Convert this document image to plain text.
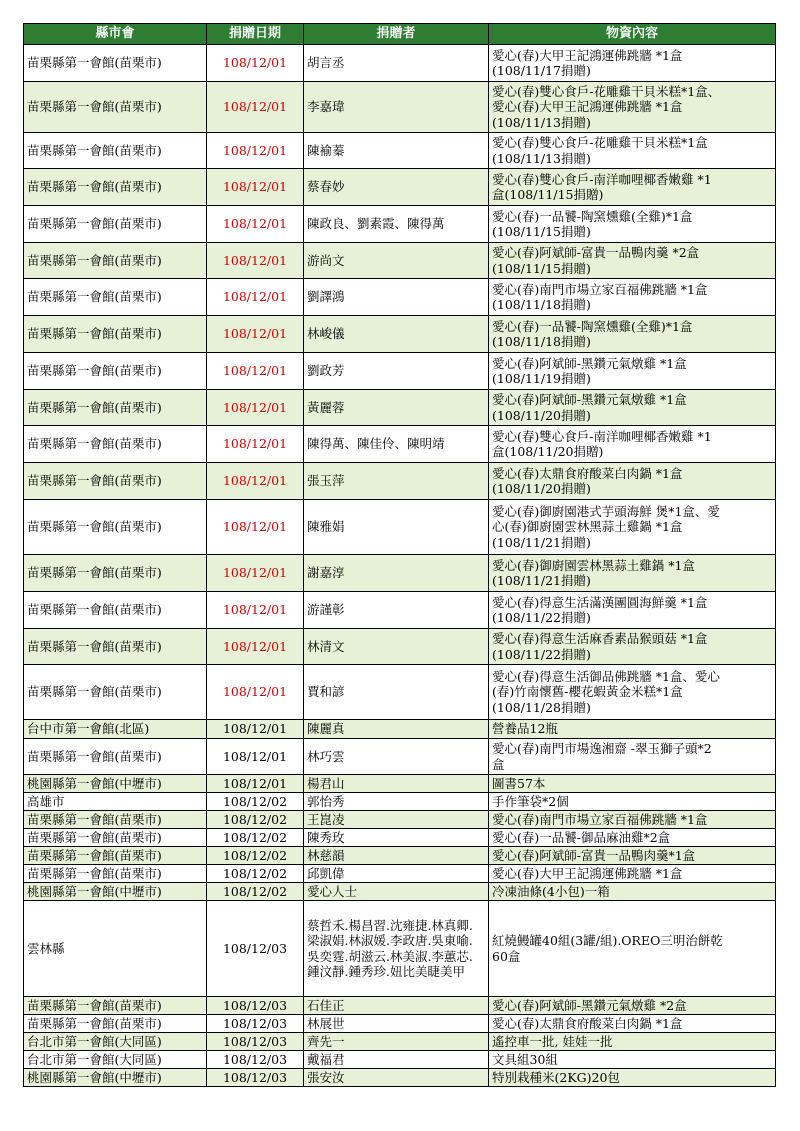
縣市會	捐贈日期	捐贈者	物資內容
苗栗縣第一會館(苗栗市)	108/12/01	胡言丞	愛心(春)大甲王記鴻運佛跳牆 *1盒
(108/11/17捐贈)

苗栗縣第一會館(苗栗市)	108/12/01	李嘉瑋	愛心(春)雙心食戶-花雕雞干貝米糕*1盒、
愛心(春)大甲王記鴻運佛跳牆 *1盒
(108/11/13捐贈)

苗栗縣第一會館(苗栗市)	108/12/01	陳褕蓁	愛心(春)雙心食戶-花雕雞干貝米糕*1盒
(108/11/13捐贈)

苗栗縣第一會館(苗栗市)	108/12/01	蔡春妙	愛心(春)雙心食戶-南洋咖哩椰香嫩雞 *1
盒(108/11/15捐贈)

苗栗縣第一會館(苗栗市)	108/12/01	陳政良、劉素霞、陳得萬	愛心(春)一品饕-陶窯燻雞(全雞)*1盒
(108/11/15捐贈)

苗栗縣第一會館(苗栗市)	108/12/01	游尚文	愛心(春)阿斌師-富貴一品鴨肉羹 *2盒
(108/11/15捐贈)

苗栗縣第一會館(苗栗市)	108/12/01	劉譯鴻	愛心(春)南門市場立家百福佛跳牆 *1盒
(108/11/18捐贈)

苗栗縣第一會館(苗栗市)	108/12/01	林峻儀	愛心(春)一品饕-陶窯燻雞(全雞)*1盒
(108/11/18捐贈)

苗栗縣第一會館(苗栗市)	108/12/01	劉政芳	愛心(春)阿斌師-黑鑽元氣燉雞 *1盒
(108/11/19捐贈)

苗栗縣第一會館(苗栗市)	108/12/01	黃麗蓉	愛心(春)阿斌師-黑鑽元氣燉雞 *1盒
(108/11/20捐贈)

苗栗縣第一會館(苗栗市)	108/12/01	陳得萬、陳佳伶、陳明靖	愛心(春)雙心食戶-南洋咖哩椰香嫩雞 *1
盒(108/11/20捐贈)

苗栗縣第一會館(苗栗市)	108/12/01	張玉萍	愛心(春)太鼎食府酸菜白肉鍋 *1盒
(108/11/20捐贈)

苗栗縣第一會館(苗栗市)	108/12/01	陳雅娟	愛心(春)御廚園港式芋頭海鮮 煲*1盒、愛
心(春)御廚園雲林黑蒜土雞鍋 *1盒
(108/11/21捐贈)

苗栗縣第一會館(苗栗市)	108/12/01	謝嘉淳	愛心(春)御廚園雲林黑蒜土雞鍋 *1盒
(108/11/21捐贈)

苗栗縣第一會館(苗栗市)	108/12/01	游謹彰	愛心(春)得意生活滿漢團圓海鮮羹 *1盒
(108/11/22捐贈)

苗栗縣第一會館(苗栗市)	108/12/01	林清文	愛心(春)得意生活麻香素品猴頭菇 *1盒
(108/11/22捐贈)

苗栗縣第一會館(苗栗市)	108/12/01	賈和諺	愛心(春)得意生活御品佛跳牆 *1盒、愛心
(春)竹南懷舊-櫻花蝦黃金米糕*1盒
(108/11/28捐贈)

台中市第一會館(北區)	108/12/01	陳麗真	營養品12瓶

苗栗縣第一會館(苗栗市)	108/12/01	林巧雲	愛心(春)南門市場逸湘齋 -翠玉獅子頭*2
盒

桃園縣第一會館(中壢市)	108/12/01	楊君山	圖書57本

高雄市	108/12/02	郭怡秀	手作筆袋*2個

苗栗縣第一會館(苗栗市)	108/12/02	王崑凌	愛心(春)南門市場立家百福佛跳牆 *1盒

苗栗縣第一會館(苗栗市)	108/12/02	陳秀玫	愛心(春)一品饕-御品麻油雞*2盒

苗栗縣第一會館(苗栗市)	108/12/02	林慈韻	愛心(春)阿斌師-富貴一品鴨肉羹*1盒

苗栗縣第一會館(苗栗市)	108/12/02	邱凱偉	愛心(春)大甲王記鴻運佛跳牆 *1盒

桃園縣第一會館(中壢市)	108/12/02	愛心人士	冷凍油條(4小包)一箱

雲林縣	108/12/03	蔡哲禾.楊昌習.沈雍捷.林真卿.梁淑娟.林淑媛.李政唐.吳東喻.吳奕霆.胡滋云.林美淑.李蕙芯.鍾汶靜.鍾秀珍.妞比美睫美甲	紅燒鰻罐40組(3罐/組).OREO三明治餅乾
60盒

苗栗縣第一會館(苗栗市)	108/12/03	石佳正	愛心(春)阿斌師-黑鑽元氣燉雞 *2盒

苗栗縣第一會館(苗栗市)	108/12/03	林展世	愛心(春)太鼎食府酸菜白肉鍋 *1盒

台北市第一會館(大同區)	108/12/03	齊先一	遙控車一批, 娃娃一批

台北市第一會館(大同區)	108/12/03	戴福君	文具組30組

桃園縣第一會館(中壢市)	108/12/03	張安汝	特別栽種米(2KG)20包
